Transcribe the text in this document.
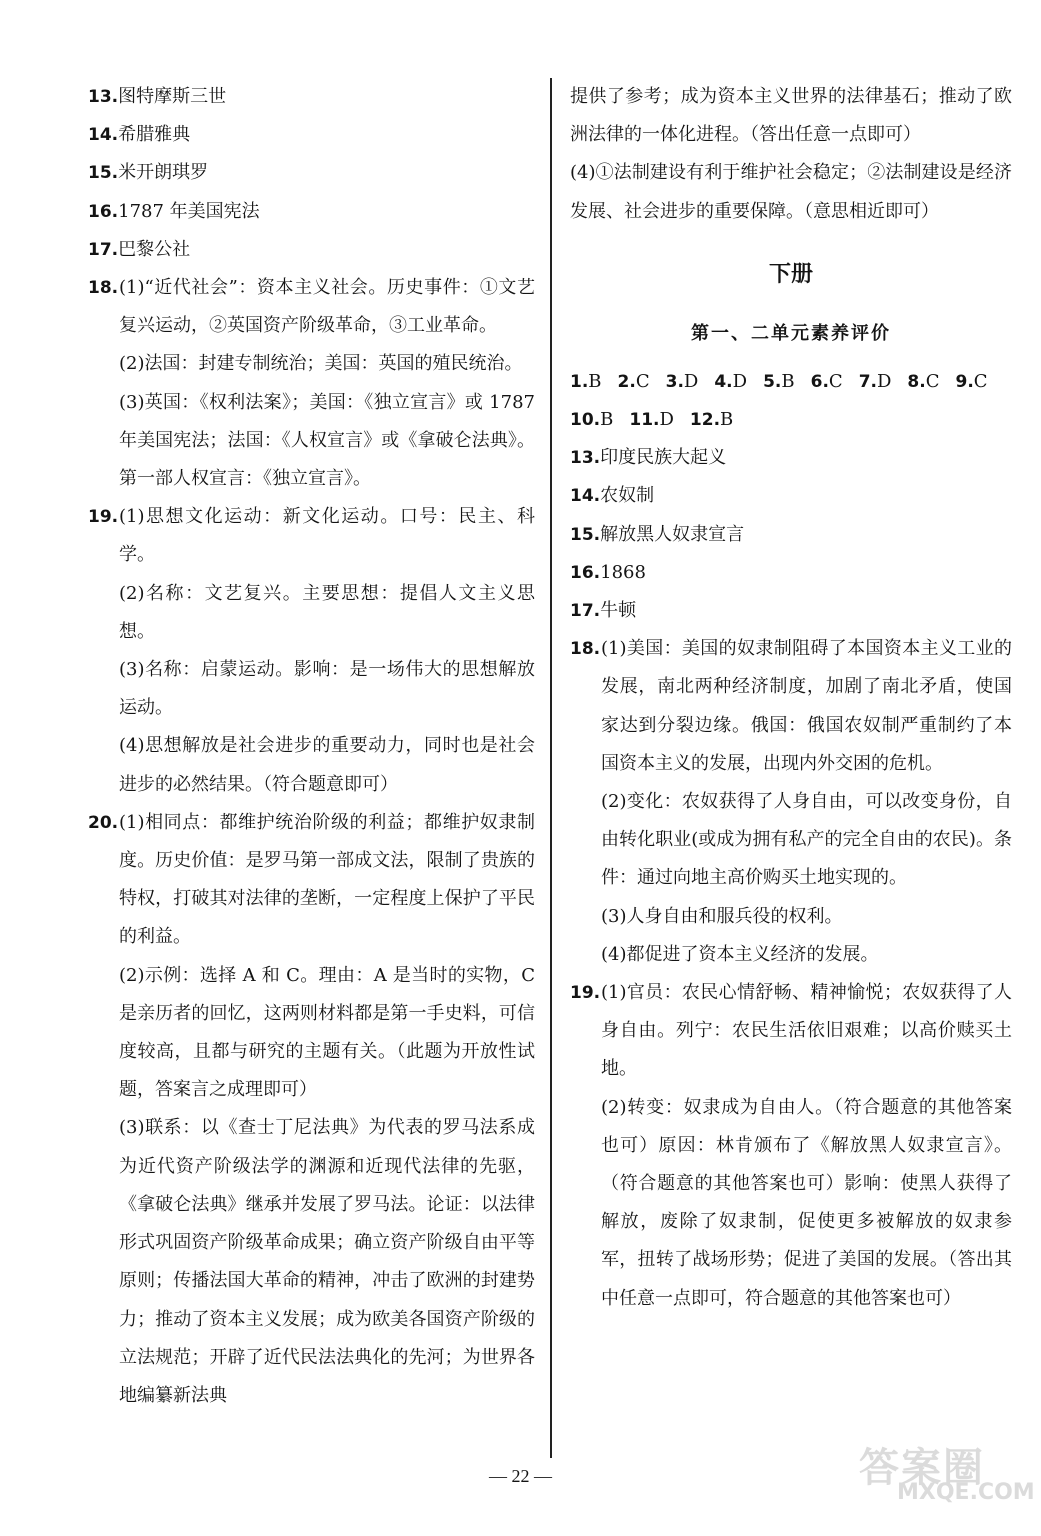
13. 图特摩斯三世
14. 希腊雅典
15. 米开朗琪罗
16. 1787 年美国宪法
17. 巴黎公社
18. (1)“近代社会”：资本主义社会。历史事件：①文艺复兴运动，②英国资产阶级革命，③工业革命。
(2)法国：封建专制统治；美国：英国的殖民统治。
(3)英国：《权利法案》；美国：《独立宣言》或 1787 年美国宪法；法国：《人权宣言》或《拿破仑法典》。第一部人权宣言：《独立宣言》。
19. (1)思想文化运动：新文化运动。口号：民主、科学。
(2)名称：文艺复兴。主要思想：提倡人文主义思想。
(3)名称：启蒙运动。影响：是一场伟大的思想解放运动。
(4)思想解放是社会进步的重要动力，同时也是社会进步的必然结果。（符合题意即可）
20. (1)相同点：都维护统治阶级的利益；都维护奴隶制度。历史价值：是罗马第一部成文法，限制了贵族的特权，打破其对法律的垄断，一定程度上保护了平民的利益。
(2)示例：选择 A 和 C。理由：A 是当时的实物，C 是亲历者的回忆，这两则材料都是第一手史料，可信度较高，且都与研究的主题有关。（此题为开放性试题，答案言之成理即可）
(3)联系：以《查士丁尼法典》为代表的罗马法系成为近代资产阶级法学的渊源和近现代法律的先驱，《拿破仑法典》继承并发展了罗马法。论证：以法律形式巩固资产阶级革命成果；确立资产阶级自由平等原则；传播法国大革命的精神，冲击了欧洲的封建势力；推动了资本主义发展；成为欧美各国资产阶级的立法规范；开辟了近代民法法典化的先河；为世界各地编纂新法典
提供了参考；成为资本主义世界的法律基石；推动了欧洲法律的一体化进程。（答出任意一点即可）
(4)①法制建设有利于维护社会稳定；②法制建设是经济发展、社会进步的重要保障。（意思相近即可）
下册
第一、二单元素养评价
1.B 2.C 3.D 4.D 5.B 6.C 7.D 8.C 9.C
10.B 11.D 12.B
13. 印度民族大起义
14. 农奴制
15. 解放黑人奴隶宣言
16. 1868
17. 牛顿
18. (1)美国：美国的奴隶制阻碍了本国资本主义工业的发展，南北两种经济制度，加剧了南北矛盾，使国家达到分裂边缘。俄国：俄国农奴制严重制约了本国资本主义的发展，出现内外交困的危机。
(2)变化：农奴获得了人身自由，可以改变身份，自由转化职业(或成为拥有私产的完全自由的农民)。条件：通过向地主高价购买土地实现的。
(3)人身自由和服兵役的权利。
(4)都促进了资本主义经济的发展。
19. (1)官员：农民心情舒畅、精神愉悦；农奴获得了人身自由。列宁：农民生活依旧艰难；以高价赎买土地。
(2)转变：奴隶成为自由人。（符合题意的其他答案也可）原因：林肯颁布了《解放黑人奴隶宣言》。（符合题意的其他答案也可）影响：使黑人获得了解放，废除了奴隶制，促使更多被解放的奴隶参军，扭转了战场形势；促进了美国的发展。（答出其中任意一点即可，符合题意的其他答案也可）
— 22 —	答案圈
MXQE.COM
